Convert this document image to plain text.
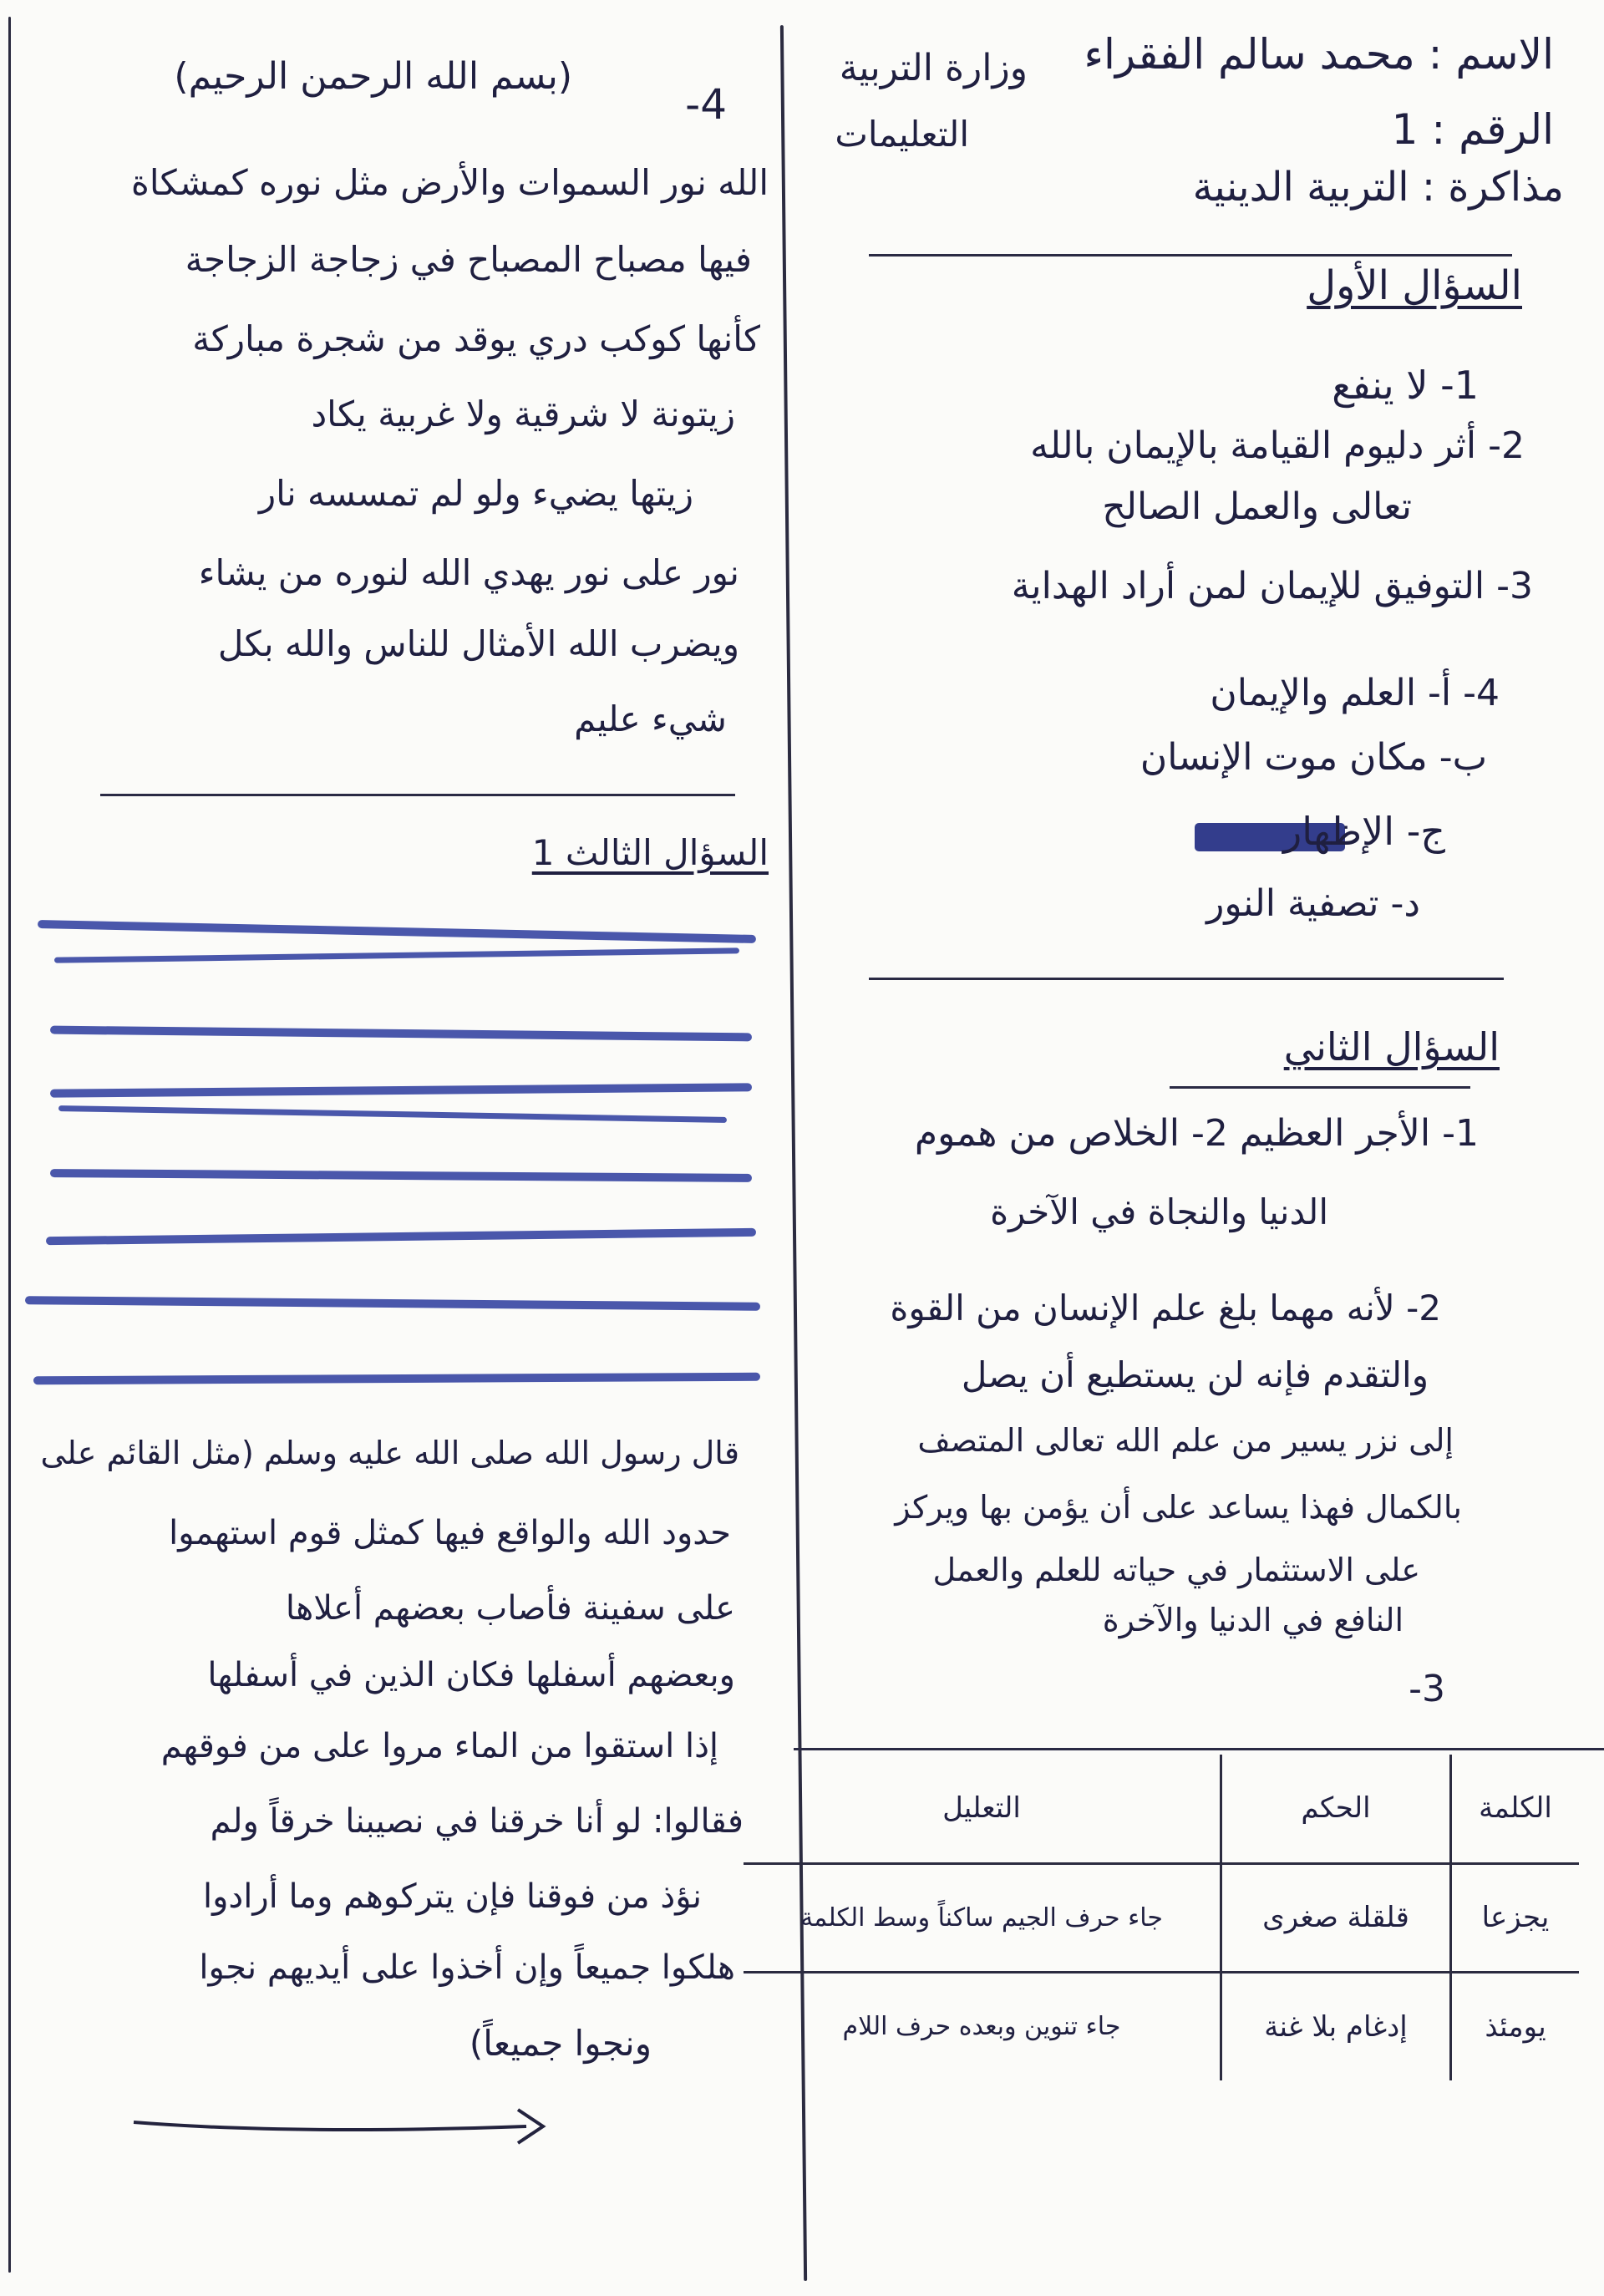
الاسم : محمد سالم الفقراء
الرقم : 1
مذاكرة : التربية الدينية
وزارة التربية
التعليمات
السؤال الأول
1- لا ينفع
2- أثر دليوم القيامة بالإيمان بالله
تعالى والعمل الصالح
3- التوفيق للإيمان لمن أراد الهداية
4- أ- العلم والإيمان
ب- مكان موت الإنسان
ج- الإظهار
د- تصفية النور
السؤال الثاني
1- الأجر العظيم 2- الخلاص من هموم
الدنيا والنجاة في الآخرة
2- لأنه مهما بلغ علم الإنسان من القوة
والتقدم فإنه لن يستطيع أن يصل
إلى نزر يسير من علم الله تعالى المتصف
بالكمال فهذا يساعد على أن يؤمن بها ويركز
على الاستثمار في حياته للعلم والعمل
النافع في الدنيا والآخرة
3-
الكلمة	الحكم	التعليل
يجزعا	قلقلة صغرى	جاء حرف الجيم ساكناً وسط الكلمة
يومئذ	إدغام بلا غنة	جاء تنوين وبعده حرف اللام
4-
(بسم الله الرحمن الرحيم)
الله نور السموات والأرض مثل نوره كمشكاة
فيها مصباح المصباح في زجاجة الزجاجة
كأنها كوكب دري يوقد من شجرة مباركة
زيتونة لا شرقية ولا غربية يكاد
زيتها يضيء ولو لم تمسسه نار
نور على نور يهدي الله لنوره من يشاء
ويضرب الله الأمثال للناس والله بكل
شيء عليم
السؤال الثالث 1
قال رسول الله صلى الله عليه وسلم (مثل القائم على
حدود الله والواقع فيها كمثل قوم استهموا
على سفينة فأصاب بعضهم أعلاها
وبعضهم أسفلها فكان الذين في أسفلها
إذا استقوا من الماء مروا على من فوقهم
فقالوا: لو أنا خرقنا في نصيبنا خرقاً ولم
نؤذ من فوقنا فإن يتركوهم وما أرادوا
هلكوا جميعاً وإن أخذوا على أيديهم نجوا
ونجوا جميعاً)
